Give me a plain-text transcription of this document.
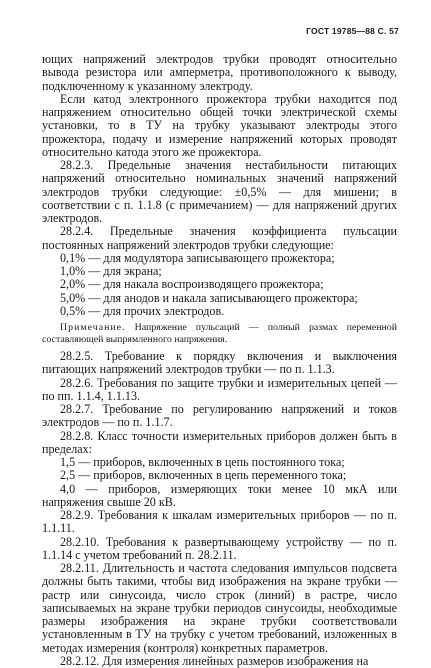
ГОСТ 19785—88 С. 57

ющих напряжений электродов трубки проводят относительно вывода резистора или амперметра, противоположного к выводу, подключенному к указанному электроду.

Если катод электронного прожектора трубки находится под напряжением относительно общей точки электрической схемы установки, то в ТУ на трубку указывают электроды этого прожектора, подачу и измерение напряжений которых проводят относительно катода этого же прожектора.

28.2.3. Предельные значения нестабильности питающих напряжений относительно номинальных значений напряжений электродов трубки следующие: ±0,5% — для мишени; в соответствии с п. 1.1.8 (с примечанием) — для напряжений других электродов.

28.2.4. Предельные значения коэффициента пульсации постоянных напряжений электродов трубки следующие:

0,1% — для модулятора записывающего прожектора;

1,0% — для экрана;

2,0% — для накала воспроизводящего прожектора;

5,0% — для анодов и накала записывающего прожектора;

0,5% — для прочих электродов.

Примечание. Напряжение пульсаций — полный размах переменной составляющей выпрямленного напряжения.

28.2.5. Требование к порядку включения и выключения питающих напряжений электродов трубки — по п. 1.1.3.

28.2.6. Требования по защите трубки и измерительных цепей — по пп. 1.1.4, 1.1.13.

28.2.7. Требование по регулированию напряжений и токов электродов — по п. 1.1.7.

28.2.8. Класс точности измерительных приборов должен быть в пределах:

1,5 — приборов, включенных в цепь постоянного тока;

2,5 — приборов, включенных в цепь переменного тока;

4,0 — приборов, измеряющих токи менее 10 мкА или напряжения свыше 20 кВ.

28.2.9. Требования к шкалам измерительных приборов — по п. 1.1.11.

28.2.10. Требования к развертывающему устройству — по п. 1.1.14 с учетом требований п. 28.2.11.

28.2.11. Длительность и частота следования импульсов подсвета должны быть такими, чтобы вид изображения на экране трубки — растр или синусоида, число строк (линий) в растре, число записываемых на экране трубки периодов синусоиды, необходимые размеры изображения на экране трубки соответствовали установленным в ТУ на трубку с учетом требований, изложенных в методах измерения (контроля) конкретных параметров.

28.2.12. Для измерения линейных размеров изображения на
